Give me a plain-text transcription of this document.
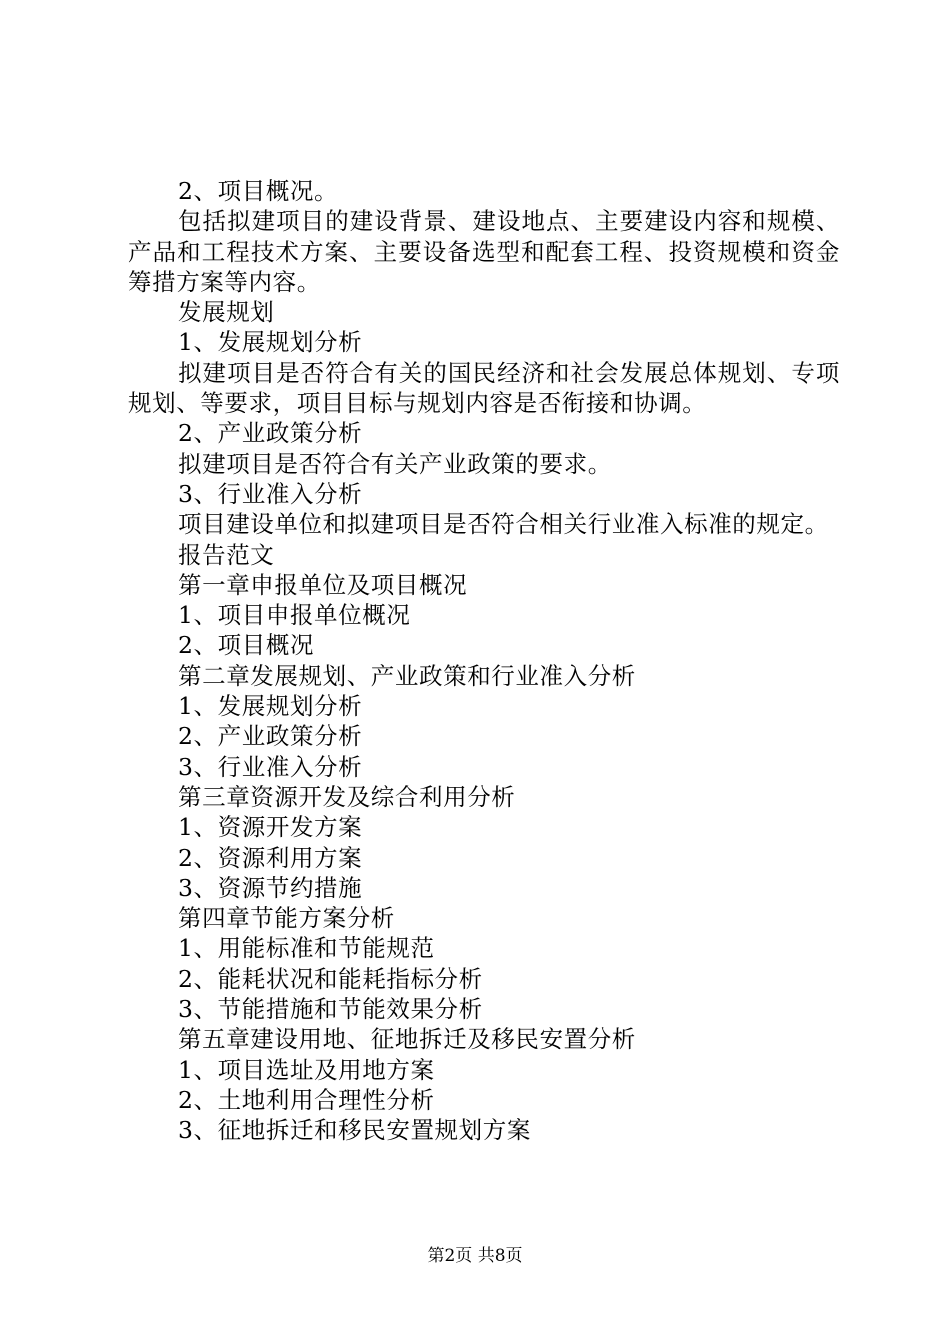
2、项目概况。

包括拟建项目的建设背景、建设地点、主要建设内容和规模、产品和工程技术方案、主要设备选型和配套工程、投资规模和资金筹措方案等内容。

发展规划

1、发展规划分析

拟建项目是否符合有关的国民经济和社会发展总体规划、专项规划、等要求，项目目标与规划内容是否衔接和协调。

2、产业政策分析

拟建项目是否符合有关产业政策的要求。

3、行业准入分析

项目建设单位和拟建项目是否符合相关行业准入标准的规定。

报告范文

第一章申报单位及项目概况

1、项目申报单位概况

2、项目概况

第二章发展规划、产业政策和行业准入分析

1、发展规划分析

2、产业政策分析

3、行业准入分析

第三章资源开发及综合利用分析

1、资源开发方案

2、资源利用方案

3、资源节约措施

第四章节能方案分析

1、用能标准和节能规范

2、能耗状况和能耗指标分析

3、节能措施和节能效果分析

第五章建设用地、征地拆迁及移民安置分析

1、项目选址及用地方案

2、土地利用合理性分析

3、征地拆迁和移民安置规划方案

第2页 共8页
